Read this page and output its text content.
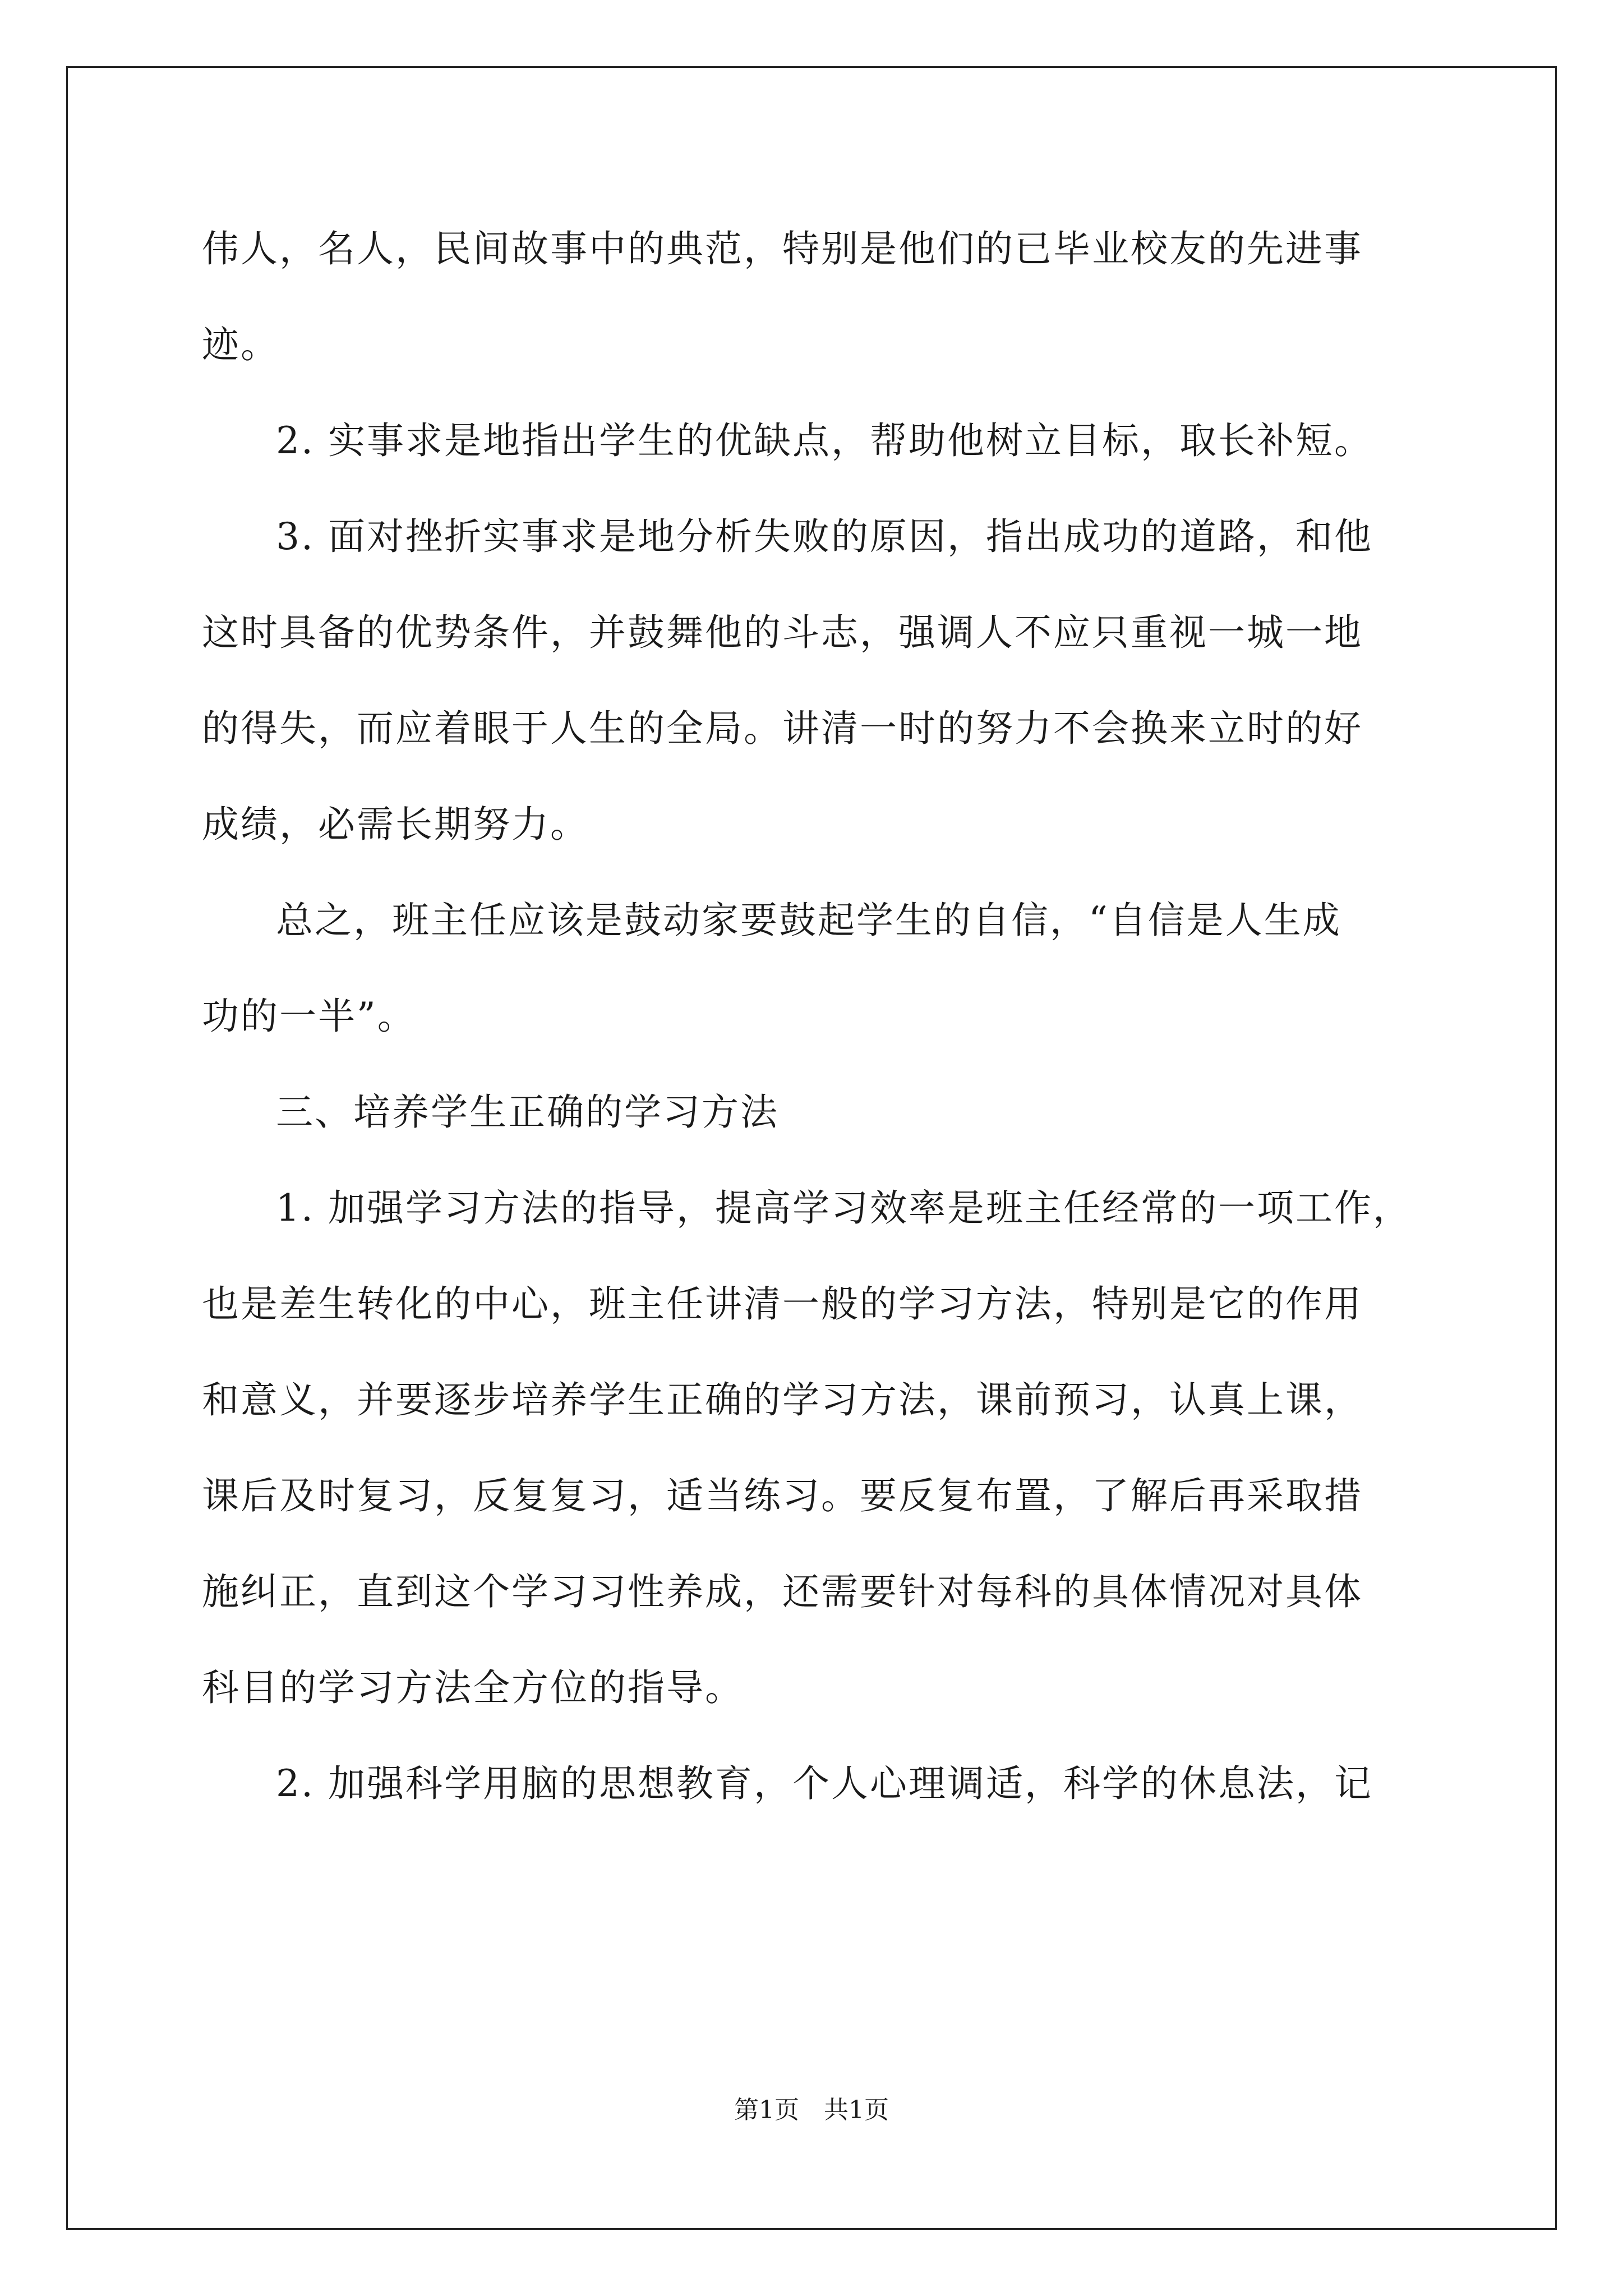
伟人，名人，民间故事中的典范，特别是他们的已毕业校友的先进事
迹。
2. 实事求是地指出学生的优缺点，帮助他树立目标，取长补短。
3. 面对挫折实事求是地分析失败的原因，指出成功的道路，和他
这时具备的优势条件，并鼓舞他的斗志，强调人不应只重视一城一地
的得失，而应着眼于人生的全局。讲清一时的努力不会换来立时的好
成绩，必需长期努力。
总之，班主任应该是鼓动家要鼓起学生的自信，“自信是人生成
功的一半”。
三、培养学生正确的学习方法
1. 加强学习方法的指导，提高学习效率是班主任经常的一项工作，
也是差生转化的中心，班主任讲清一般的学习方法，特别是它的作用
和意义，并要逐步培养学生正确的学习方法，课前预习，认真上课，
课后及时复习，反复复习，适当练习。要反复布置，了解后再采取措
施纠正，直到这个学习习性养成，还需要针对每科的具体情况对具体
科目的学习方法全方位的指导。
2. 加强科学用脑的思想教育，个人心理调适，科学的休息法，记
第1页　共1页
